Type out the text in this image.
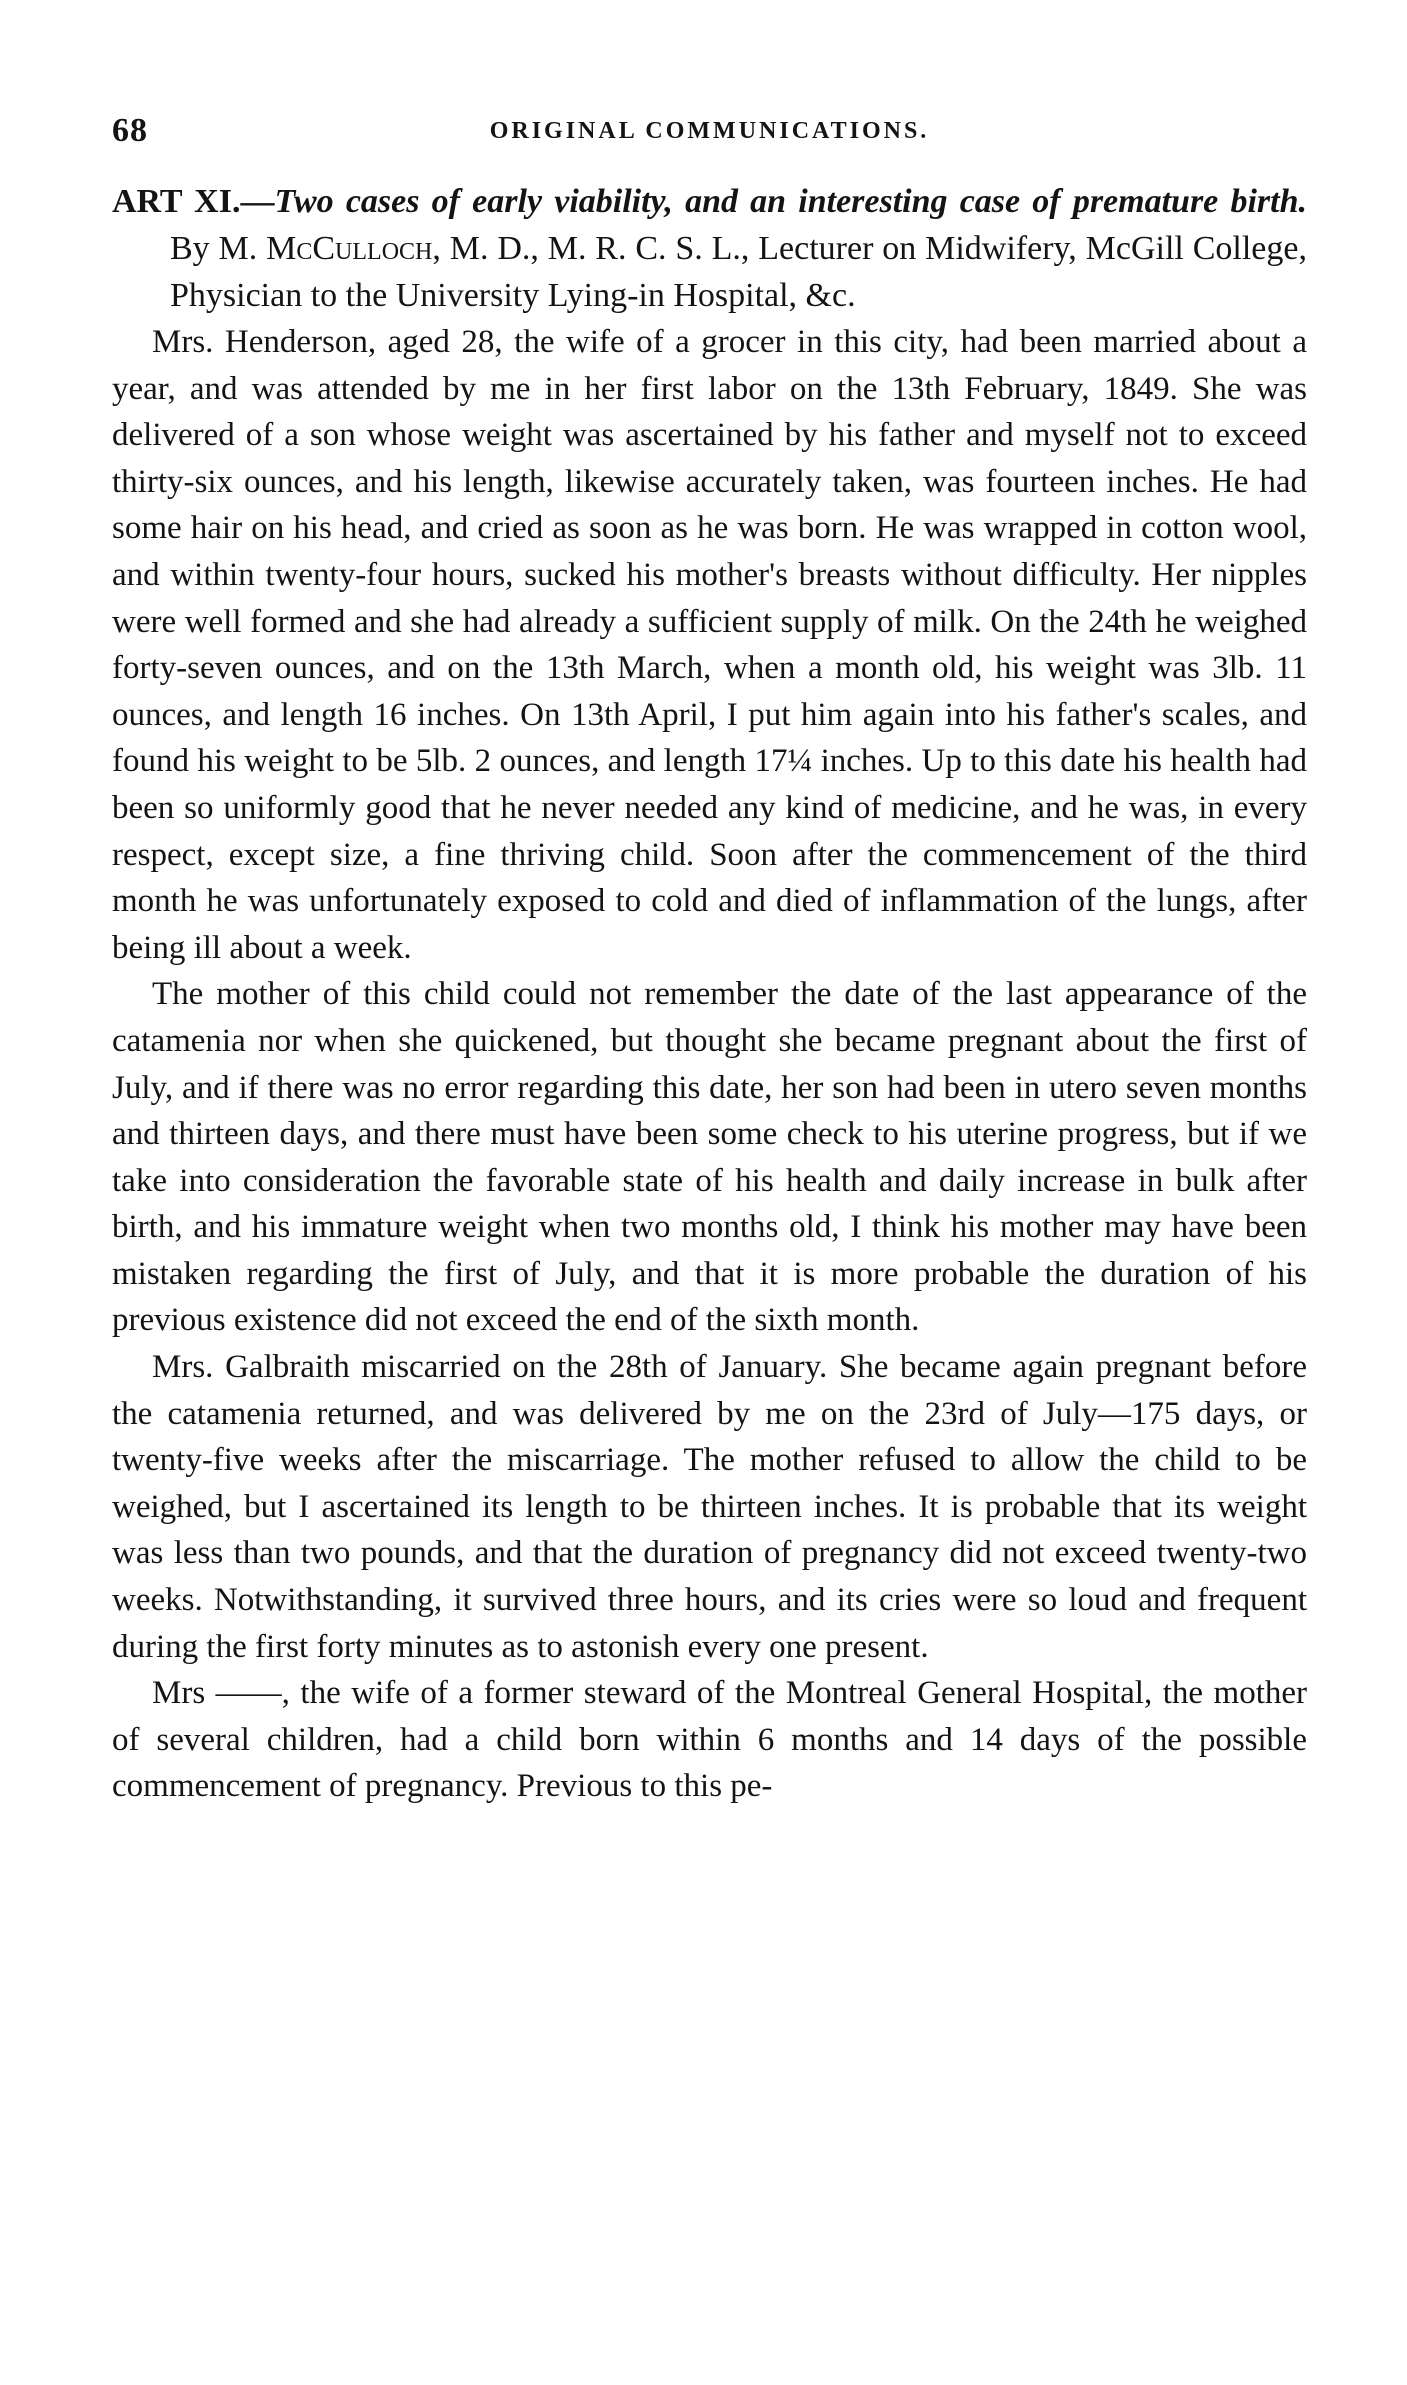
68	ORIGINAL COMMUNICATIONS.

ART XI.—Two cases of early viability, and an interesting case of premature birth. By M. McCulloch, M. D., M. R. C. S. L., Lecturer on Midwifery, McGill College, Physician to the University Lying-in Hospital, &c.

Mrs. Henderson, aged 28, the wife of a grocer in this city, had been married about a year, and was attended by me in her first labor on the 13th February, 1849. She was delivered of a son whose weight was ascertained by his father and myself not to exceed thirty-six ounces, and his length, likewise accurately taken, was fourteen inches. He had some hair on his head, and cried as soon as he was born. He was wrapped in cotton wool, and within twenty-four hours, sucked his mother's breasts without difficulty. Her nipples were well formed and she had already a sufficient supply of milk. On the 24th he weighed forty-seven ounces, and on the 13th March, when a month old, his weight was 3lb. 11 ounces, and length 16 inches. On 13th April, I put him again into his father's scales, and found his weight to be 5lb. 2 ounces, and length 17¼ inches. Up to this date his health had been so uniformly good that he never needed any kind of medicine, and he was, in every respect, except size, a fine thriving child. Soon after the commencement of the third month he was unfortunately exposed to cold and died of inflammation of the lungs, after being ill about a week.

The mother of this child could not remember the date of the last appearance of the catamenia nor when she quickened, but thought she became pregnant about the first of July, and if there was no error regarding this date, her son had been in utero seven months and thirteen days, and there must have been some check to his uterine progress, but if we take into consideration the favorable state of his health and daily increase in bulk after birth, and his immature weight when two months old, I think his mother may have been mistaken regarding the first of July, and that it is more probable the duration of his previous existence did not exceed the end of the sixth month.

Mrs. Galbraith miscarried on the 28th of January. She became again pregnant before the catamenia returned, and was delivered by me on the 23rd of July—175 days, or twenty-five weeks after the miscarriage. The mother refused to allow the child to be weighed, but I ascertained its length to be thirteen inches. It is probable that its weight was less than two pounds, and that the duration of pregnancy did not exceed twenty-two weeks. Notwithstanding, it survived three hours, and its cries were so loud and frequent during the first forty minutes as to astonish every one present.

Mrs ——, the wife of a former steward of the Montreal General Hospital, the mother of several children, had a child born within 6 months and 14 days of the possible commencement of pregnancy. Previous to this pe-
